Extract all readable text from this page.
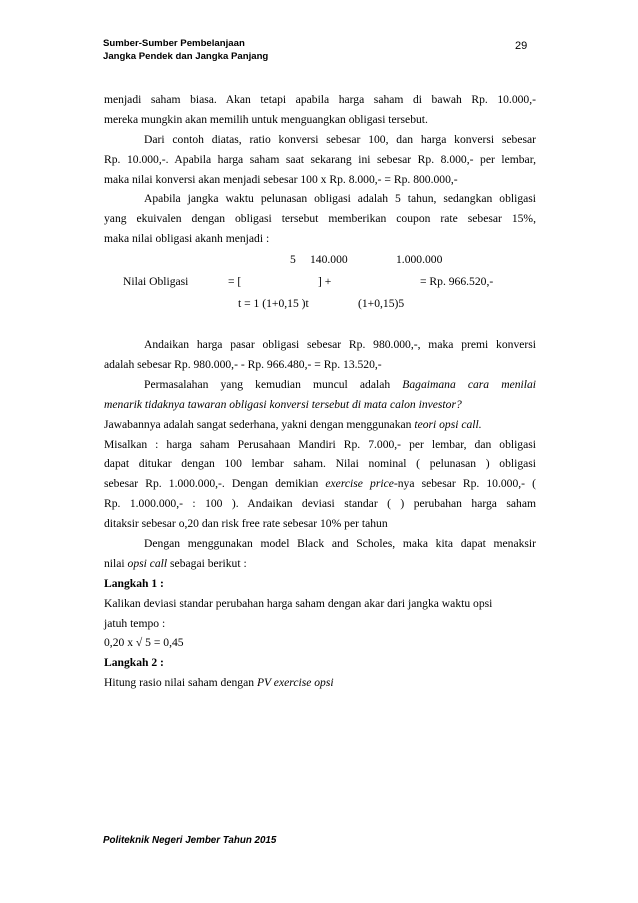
Sumber-Sumber Pembelanjaan
Jangka Pendek dan Jangka Panjang
29
menjadi saham biasa. Akan tetapi apabila harga saham di bawah Rp. 10.000,-
mereka mungkin akan memilih untuk menguangkan obligasi tersebut.
Dari contoh diatas, ratio konversi sebesar 100, dan harga konversi sebesar
Rp. 10.000,-. Apabila harga saham saat sekarang ini sebesar Rp. 8.000,- per lembar,
maka nilai konversi akan menjadi sebesar 100 x Rp. 8.000,- = Rp. 800.000,-
Apabila jangka waktu pelunasan obligasi adalah 5 tahun, sedangkan obligasi
yang ekuivalen dengan obligasi tersebut memberikan coupon rate sebesar 15%,
maka nilai obligasi akanh menjadi :
5 140.000	1.000.000
Nilai Obligasi	= [	] +	= Rp. 966.520,-
t = 1 (1+0,15 )t	(1+0,15)5
Andaikan harga pasar obligasi sebesar Rp. 980.000,-, maka premi konversi
adalah sebesar Rp. 980.000,- - Rp. 966.480,- = Rp. 13.520,-
Permasalahan yang kemudian muncul adalah Bagaimana cara menilai
menarik tidaknya tawaran obligasi konversi tersebut di mata calon investor?
Jawabannya adalah sangat sederhana, yakni dengan menggunakan teori opsi call.
Misalkan : harga saham Perusahaan Mandiri Rp. 7.000,- per lembar, dan obligasi
dapat ditukar dengan 100 lembar saham. Nilai nominal ( pelunasan ) obligasi
sebesar Rp. 1.000.000,-. Dengan demikian exercise price-nya sebesar Rp. 10.000,- (
Rp. 1.000.000,- : 100 ). Andaikan deviasi standar ( ) perubahan harga saham
ditaksir sebesar o,20 dan risk free rate sebesar 10% per tahun
Dengan menggunakan model Black and Scholes, maka kita dapat menaksir
nilai opsi call sebagai berikut :
Langkah 1 :
Kalikan deviasi standar perubahan harga saham dengan akar dari jangka waktu opsi
jatuh tempo :
0,20 x √ 5 = 0,45
Langkah 2 :
Hitung rasio nilai saham dengan PV exercise opsi
Politeknik Negeri Jember Tahun 2015
